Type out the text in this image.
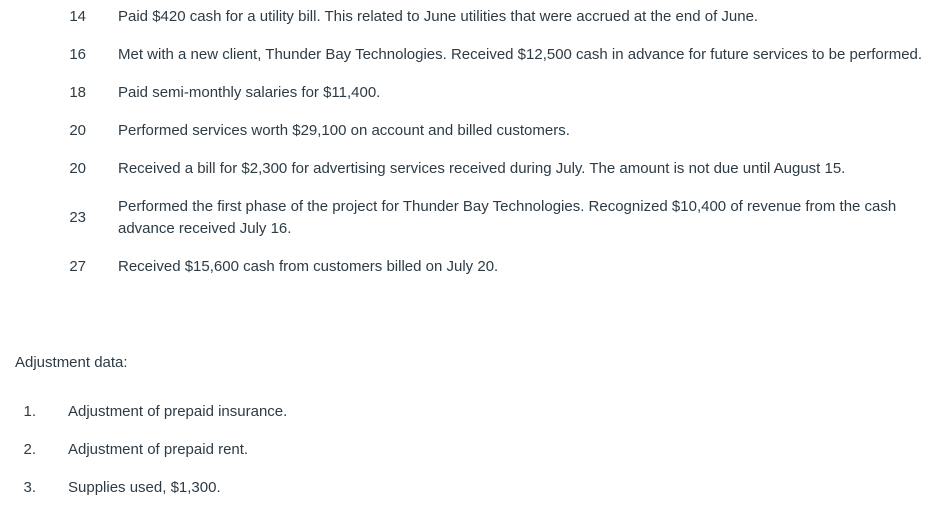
14 Paid $420 cash for a utility bill. This related to June utilities that were accrued at the end of June.
16 Met with a new client, Thunder Bay Technologies. Received $12,500 cash in advance for future services to be performed.
18 Paid semi-monthly salaries for $11,400.
20 Performed services worth $29,100 on account and billed customers.
20 Received a bill for $2,300 for advertising services received during July. The amount is not due until August 15.
23
Performed the first phase of the project for Thunder Bay Technologies. Recognized $10,400 of revenue from the cash advance received July 16.
27 Received $15,600 cash from customers billed on July 20.
Adjustment data:
1. Adjustment of prepaid insurance.
2. Adjustment of prepaid rent.
3. Supplies used, $1,300.
